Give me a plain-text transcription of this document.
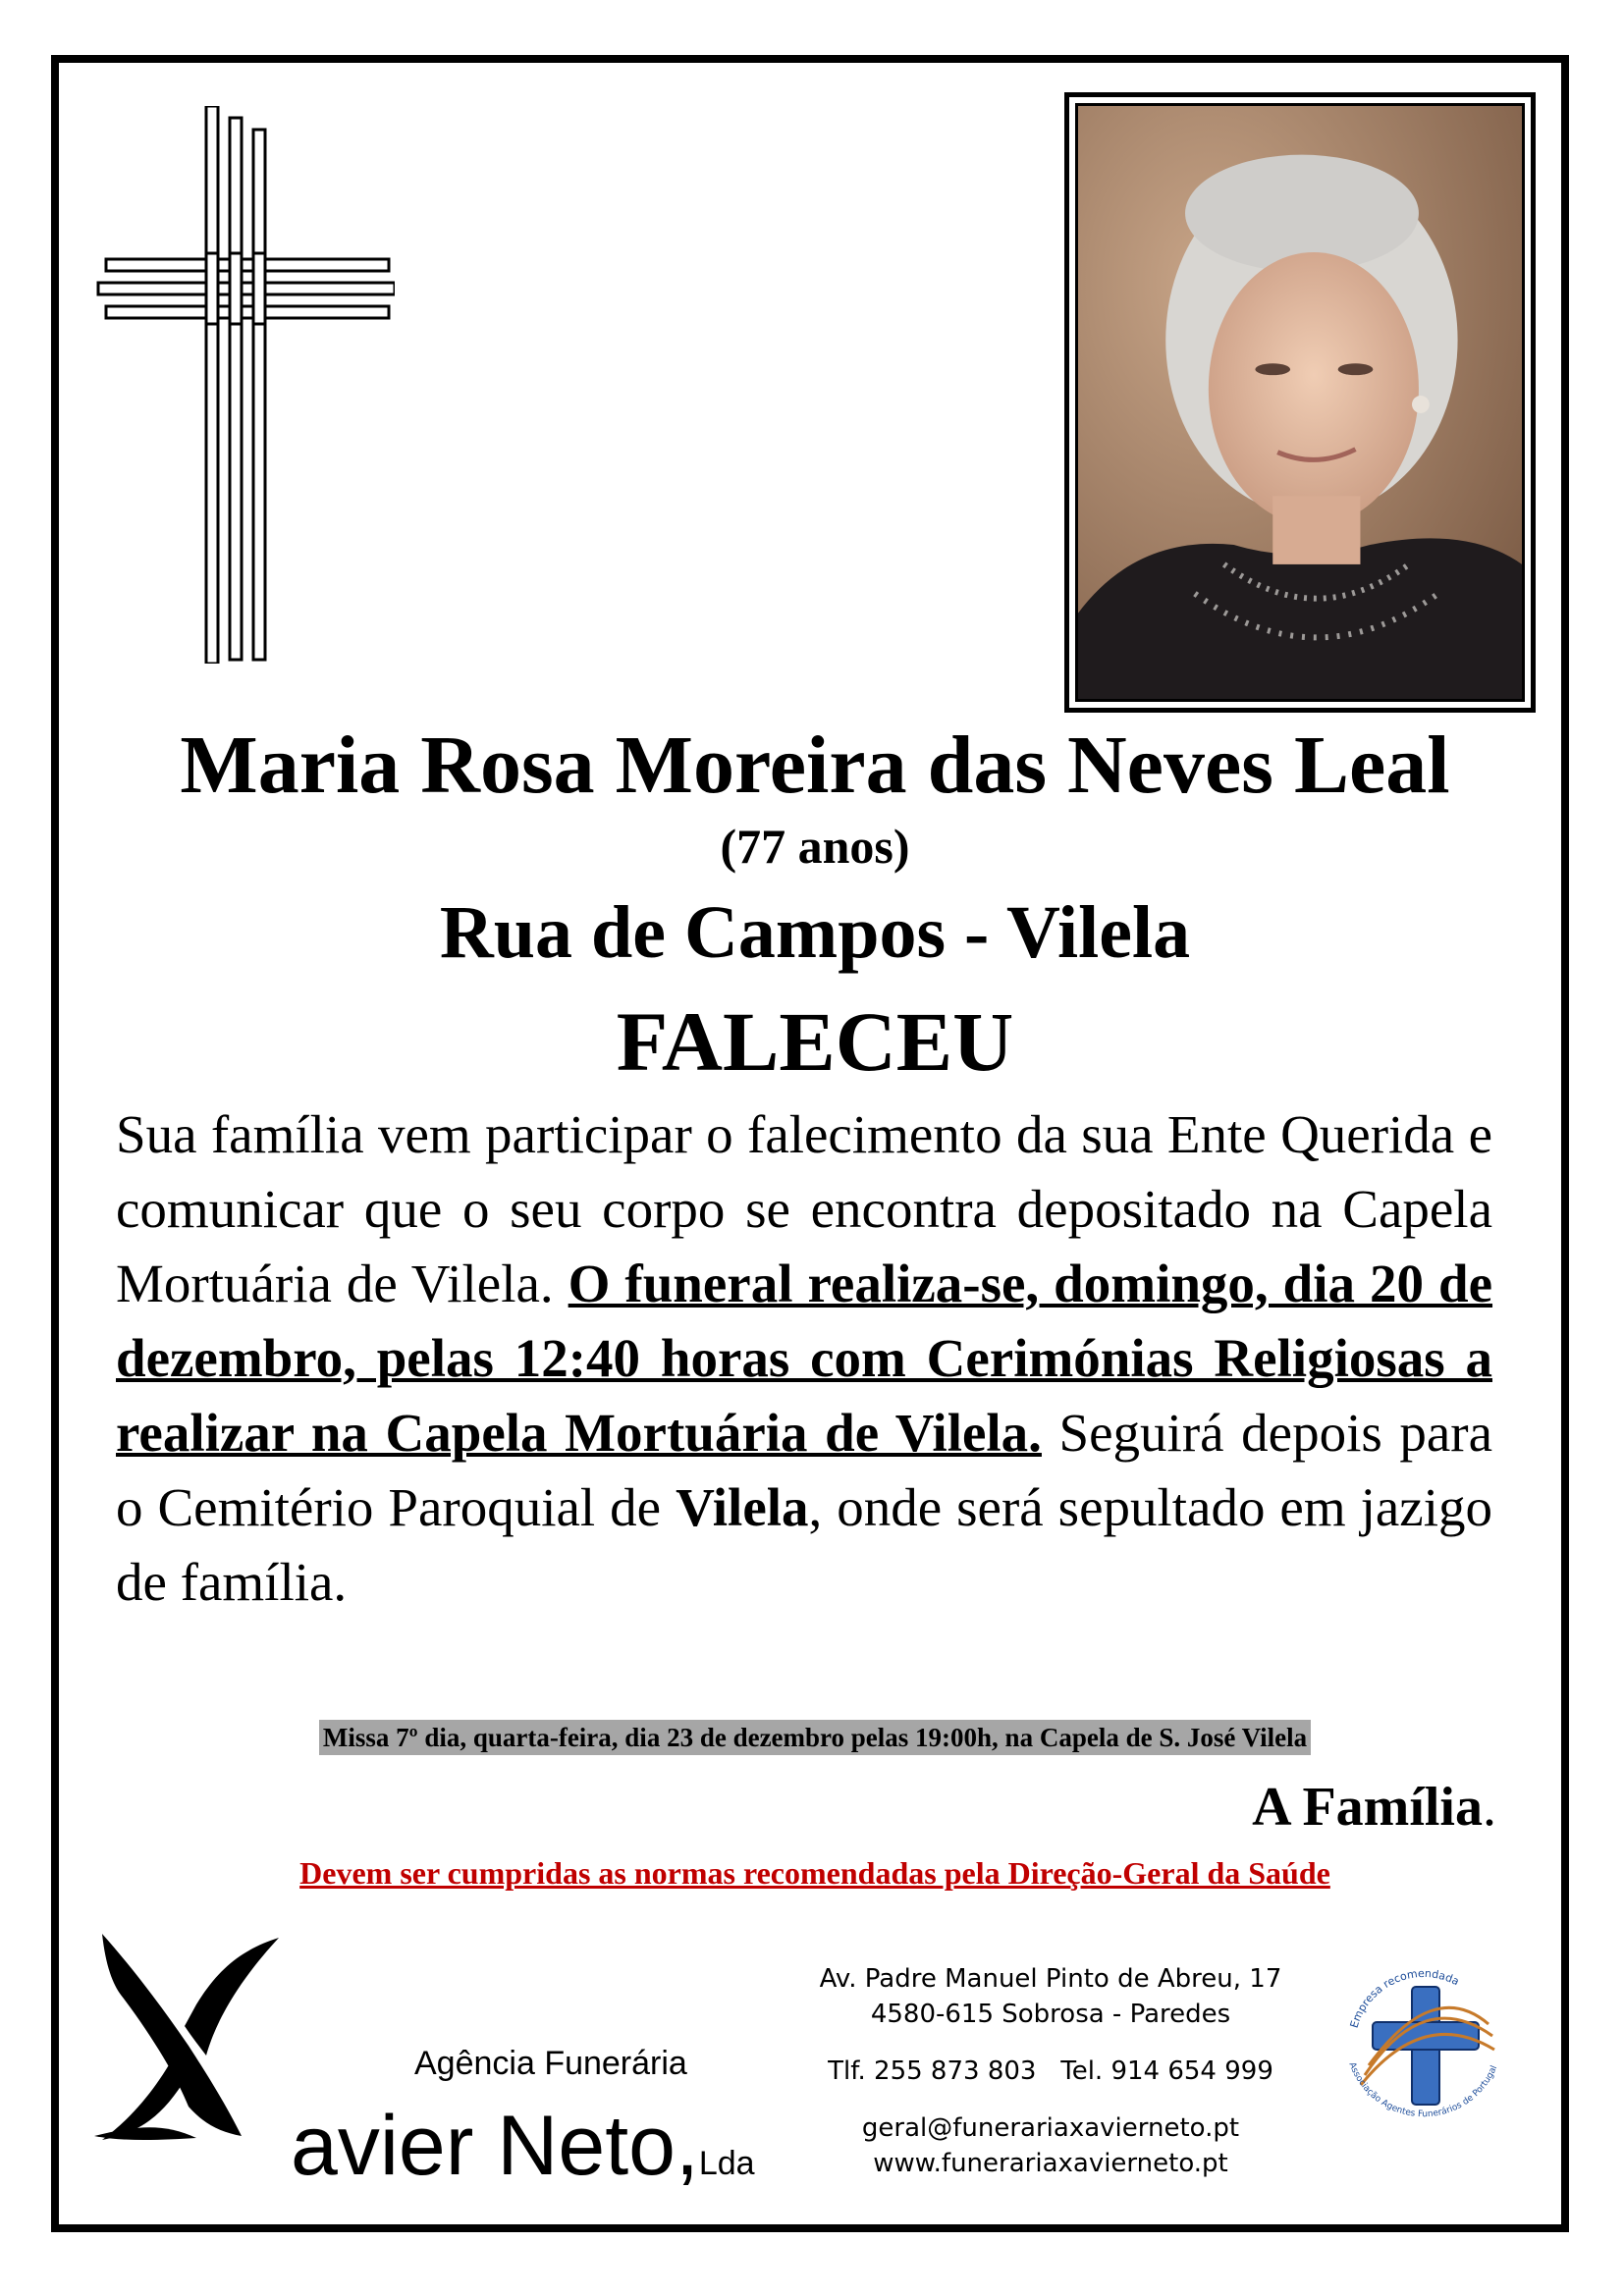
Maria Rosa Moreira das Neves Leal
(77 anos)
Rua de Campos - Vilela
FALECEU
Sua família vem participar o falecimento da sua Ente Querida e comunicar que o seu corpo se encontra depositado na Capela Mortuária de Vilela. O funeral realiza-se, domingo, dia 20 de dezembro, pelas 12:40 horas com Cerimónias Religiosas a realizar na Capela Mortuária de Vilela. Seguirá depois para o Cemitério Paroquial de Vilela, onde será sepultado em jazigo de família.
Missa 7º dia, quarta-feira, dia 23 de dezembro pelas 19:00h, na Capela de S. José Vilela
A Família.
Devem ser cumpridas as normas recomendadas pela Direção-Geral da Saúde
Agência Funerária
avier Neto,Lda
Av. Padre Manuel Pinto de Abreu, 17
4580-615 Sobrosa - Paredes
Tlf. 255 873 803   Tel. 914 654 999
geral@funerariaxavierneto.pt
www.funerariaxavierneto.pt
Empresa recomendada
Associação Agentes Funerários de Portugal
